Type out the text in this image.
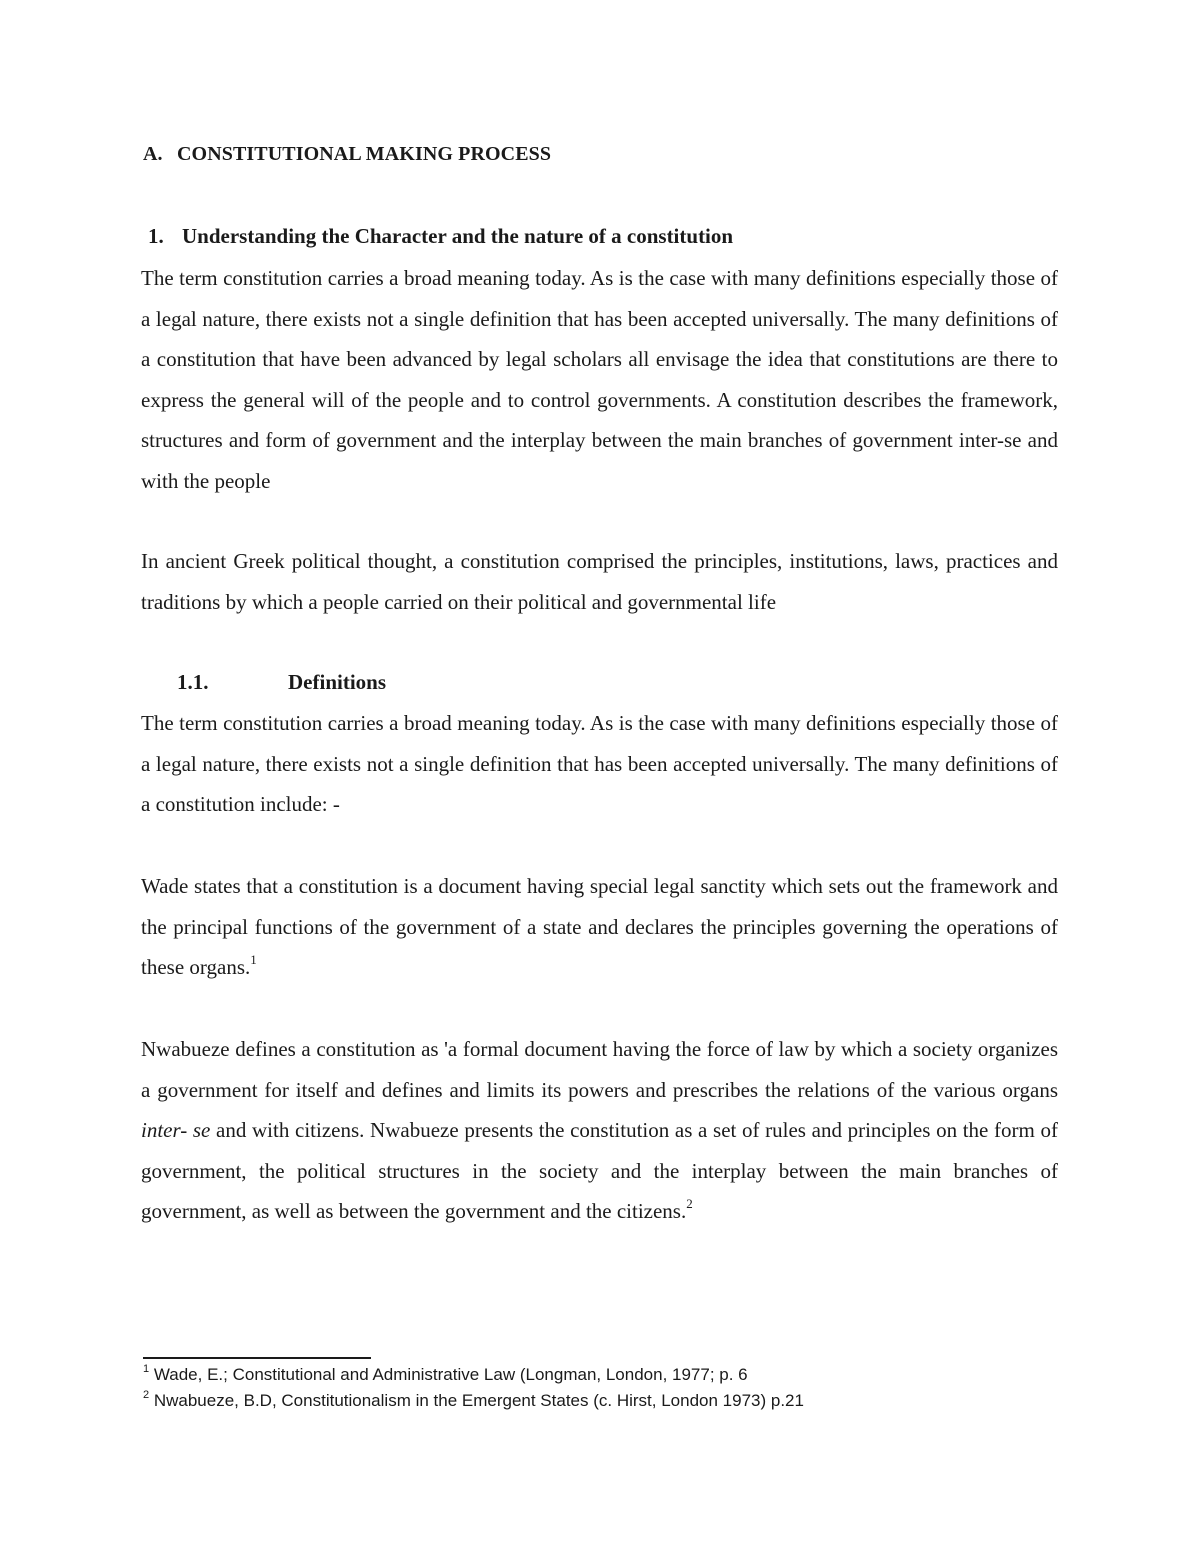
A. CONSTITUTIONAL MAKING PROCESS
1. Understanding the Character and the nature of a constitution
The term constitution carries a broad meaning today. As is the case with many definitions especially those of a legal nature, there exists not a single definition that has been accepted universally. The many definitions of a constitution that have been advanced by legal scholars all envisage the idea that constitutions are there to express the general will of the people and to control governments. A constitution describes the framework, structures and form of government and the interplay between the main branches of government inter-se and with the people
In ancient Greek political thought, a constitution comprised the principles, institutions, laws, practices and traditions by which a people carried on their political and governmental life
1.1.	Definitions
The term constitution carries a broad meaning today. As is the case with many definitions especially those of a legal nature, there exists not a single definition that has been accepted universally. The many definitions of a constitution include: -
Wade states that a constitution is a document having special legal sanctity which sets out the framework and the principal functions of the government of a state and declares the principles governing the operations of these organs.$^1$
Nwabueze defines a constitution as 'a formal document having the force of law by which a society organizes a government for itself and defines and limits its powers and prescribes the relations of the various organs inter- se and with citizens. Nwabueze presents the constitution as a set of rules and principles on the form of government, the political structures in the society and the interplay between the main branches of government, as well as between the government and the citizens.$^2$
$^1$ Wade, E.; Constitutional and Administrative Law (Longman, London, 1977; p. 6
$^2$ Nwabueze, B.D, Constitutionalism in the Emergent States (c. Hirst, London 1973) p.21
